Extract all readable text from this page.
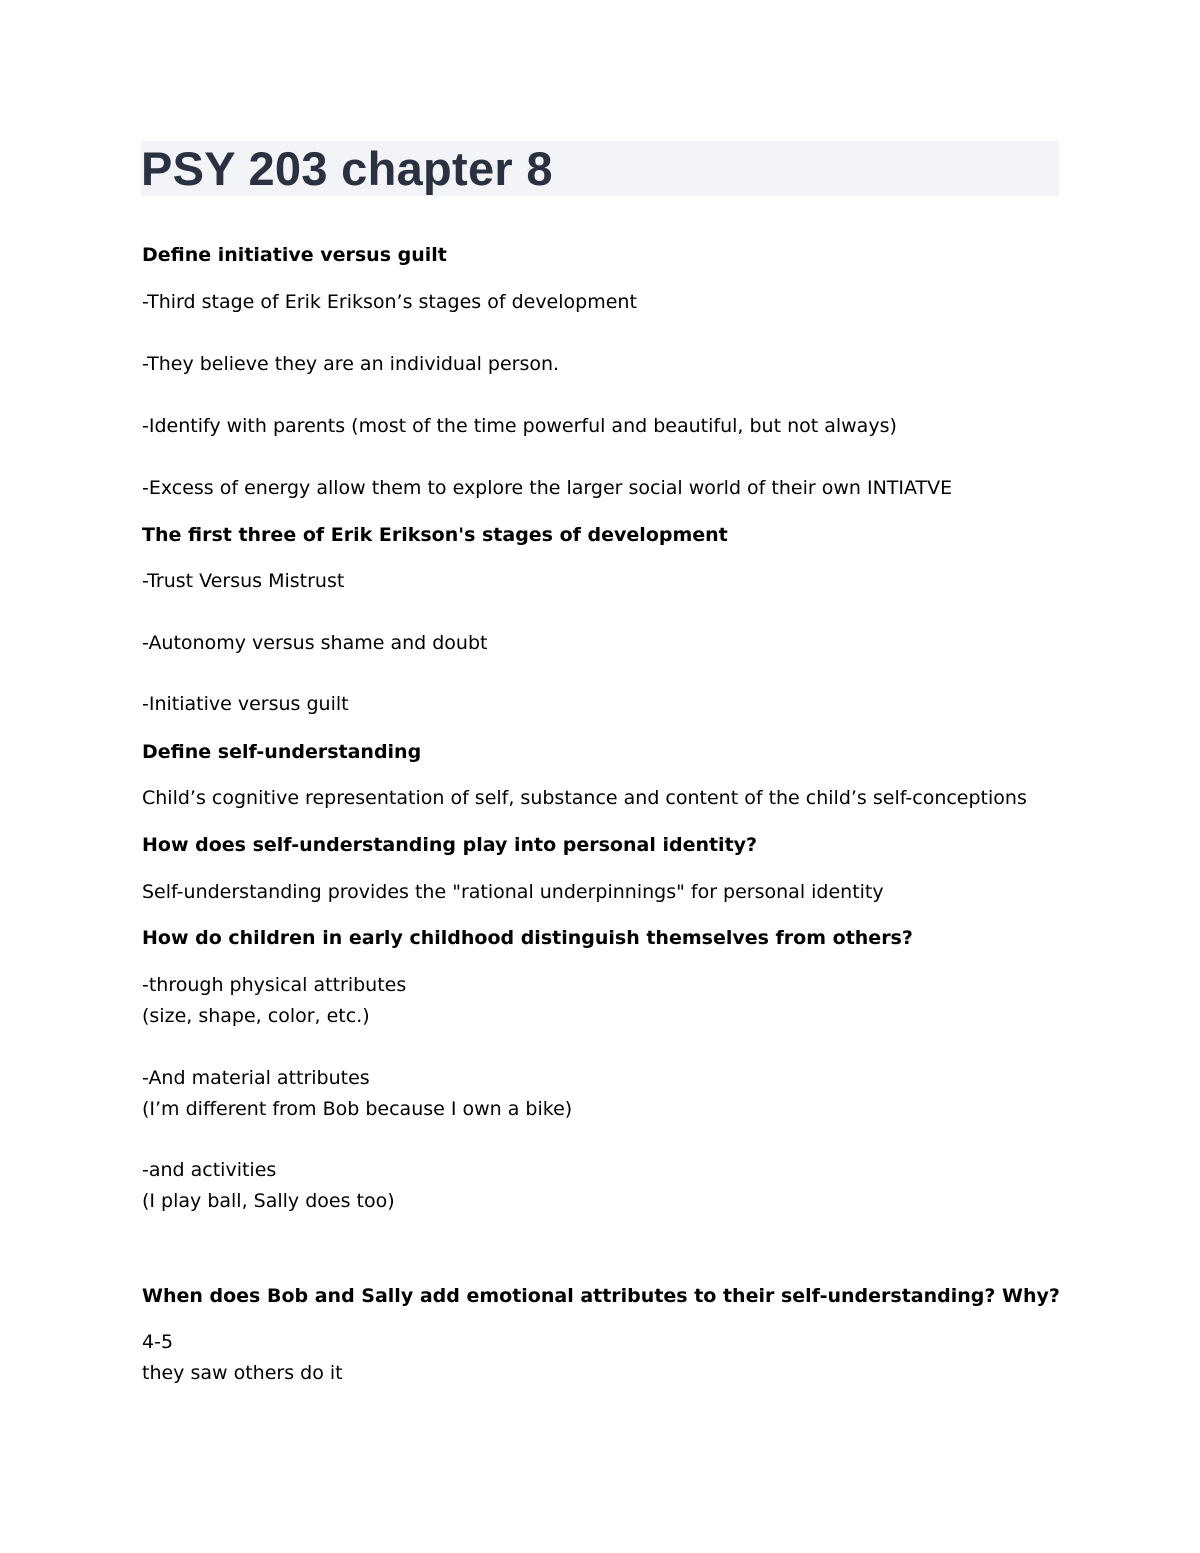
PSY 203 chapter 8

Define initiative versus guilt

-Third stage of Erik Erikson’s stages of development

-They believe they are an individual person.

-Identify with parents (most of the time powerful and beautiful, but not always)

-Excess of energy allow them to explore the larger social world of their own INTIATVE

The first three of Erik Erikson's stages of development

-Trust Versus Mistrust

-Autonomy versus shame and doubt

-Initiative versus guilt

Define self-understanding

Child’s cognitive representation of self, substance and content of the child’s self-conceptions

How does self-understanding play into personal identity?

Self-understanding provides the "rational underpinnings" for personal identity

How do children in early childhood distinguish themselves from others?

-through physical attributes

(size, shape, color, etc.)

-And material attributes

(I’m different from Bob because I own a bike)

-and activities

(I play ball, Sally does too)

When does Bob and Sally add emotional attributes to their self-understanding? Why?

4-5

they saw others do it
